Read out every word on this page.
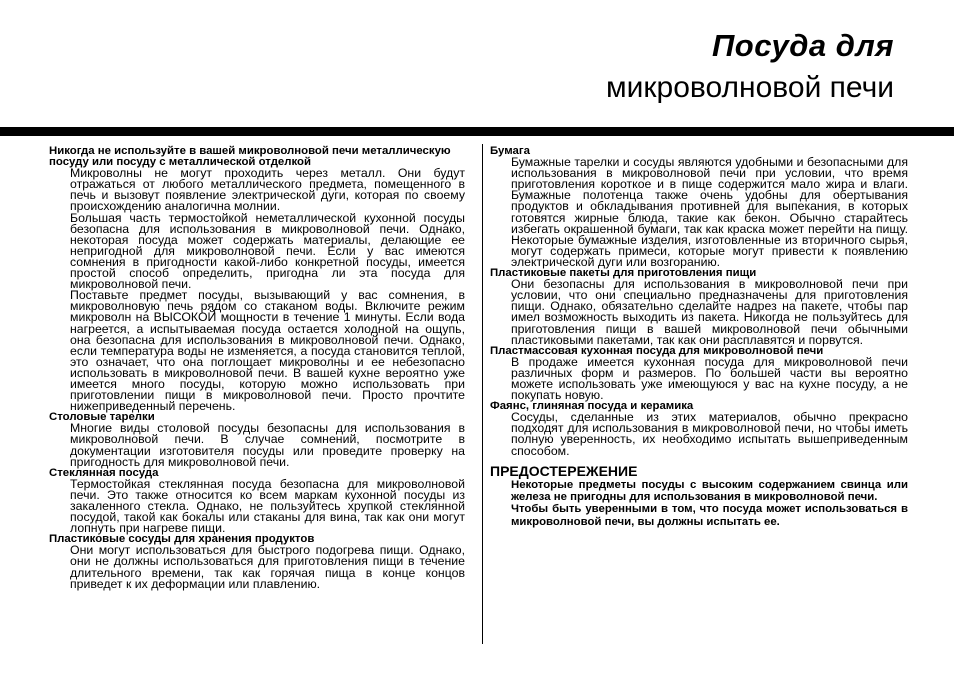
Посуда для
микроволновой печи

Никогда не используйте в вашей микроволновой печи металлическую посуду или посуду с металлической отделкой

Микроволны не могут проходить через металл. Они будут отражаться от любого металлического предмета, помещенного в печь и вызовут появление электрической дуги, которая по своему происхождению аналогична молнии.

Большая часть термостойкой неметаллической кухонной посуды безопасна для использования в микроволновой печи. Однако, некоторая посуда может содержать материалы, делающие ее непригодной для микроволновой печи. Если у вас имеются сомнения в пригодности какой-либо конкретной посуды, имеется простой способ определить, пригодна ли эта посуда для микроволновой печи.

Поставьте предмет посуды, вызывающий у вас сомнения, в микроволновую печь рядом со стаканом воды. Включите режим микроволн на ВЫСОКОЙ мощности в течение 1 минуты. Если вода нагреется, а испытываемая посуда остается холодной на ощупь, она безопасна для использования в микроволновой печи. Однако, если температура воды не изменяется, а посуда становится теплой, это означает, что она поглощает микроволны и ее небезопасно использовать в микроволновой печи. В вашей кухне вероятно уже имеется много посуды, которую можно использовать при приготовлении пищи в микроволновой печи. Просто прочтите нижеприведенный перечень.

Столовые тарелки

Многие виды столовой посуды безопасны для использования в микроволновой печи. В случае сомнений, посмотрите в документации изготовителя посуды или проведите проверку на пригодность для микроволновой печи.

Стеклянная посуда

Термостойкая стеклянная посуда безопасна для микроволновой печи. Это также относится ко всем маркам кухонной посуды из закаленного стекла. Однако, не пользуйтесь хрупкой стеклянной посудой, такой как бокалы или стаканы для вина, так как они могут лопнуть при нагреве пищи.

Пластиковые сосуды для хранения продуктов

Они могут использоваться для быстрого подогрева пищи. Однако, они не должны использоваться для приготовления пищи в течение длительного времени, так как горячая пища в конце концов приведет к их деформации или плавлению.

Бумага

Бумажные тарелки и сосуды являются удобными и безопасными для использования в микроволновой печи при условии, что время приготовления короткое и в пище содержится мало жира и влаги. Бумажные полотенца также очень удобны для обертывания продуктов и обкладывания противней для выпекания, в которых готовятся жирные блюда, такие как бекон. Обычно старайтесь избегать окрашенной бумаги, так как краска может перейти на пищу. Некоторые бумажные изделия, изготовленные из вторичного сырья, могут содержать примеси, которые могут привести к появлению электрической дуги или возгоранию.

Пластиковые пакеты для приготовления пищи

Они безопасны для использования в микроволновой печи при условии, что они специально предназначены для приготовления пищи. Однако, обязательно сделайте надрез на пакете, чтобы пар имел возможность выходить из пакета. Никогда не пользуйтесь для приготовления пищи в вашей микроволновой печи обычными пластиковыми пакетами, так как они расплавятся и порвутся.

Пластмассовая кухонная посуда для микроволновой печи

В продаже имеется кухонная посуда для микроволновой печи различных форм и размеров. По большей части вы вероятно можете использовать уже имеющуюся у вас на кухне посуду, а не покупать новую.

Фаянс, глиняная посуда и керамика

Сосуды, сделанные из этих материалов, обычно прекрасно подходят для использования в микроволновой печи, но чтобы иметь полную уверенность, их необходимо испытать вышеприведенным способом.

ПРЕДОСТЕРЕЖЕНИЕ

Некоторые предметы посуды с высоким содержанием свинца или железа не пригодны для использования в микроволновой печи.

Чтобы быть уверенными в том, что посуда может использоваться в микроволновой печи, вы должны испытать ее.
